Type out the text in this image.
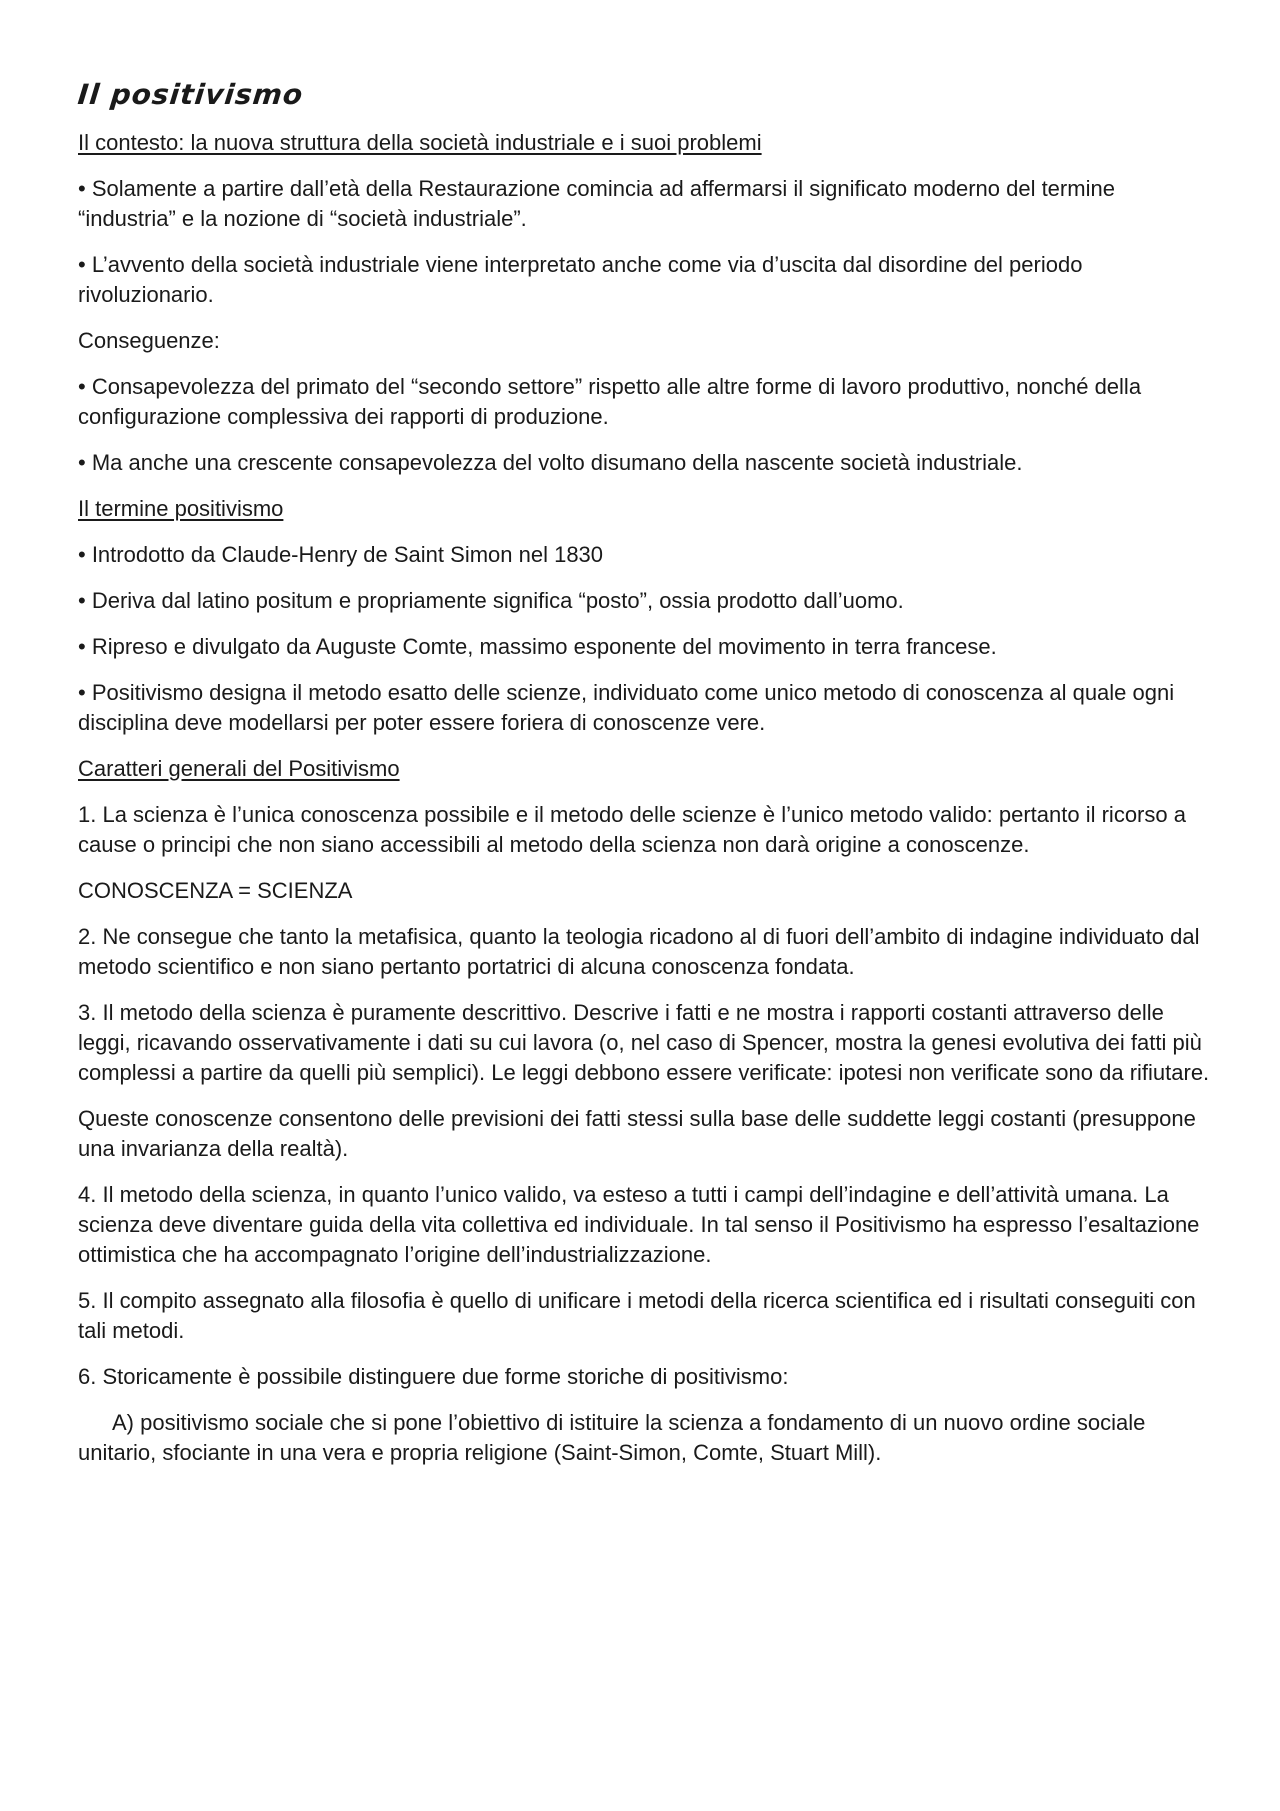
Il positivismo
Il contesto: la nuova struttura della società industriale e i suoi problemi

• Solamente a partire dall’età della Restaurazione comincia ad affermarsi il significato moderno del termine “industria” e la nozione di “società industriale”.

• L’avvento della società industriale viene interpretato anche come via d’uscita dal disordine del periodo rivoluzionario.

Conseguenze:

• Consapevolezza del primato del “secondo settore” rispetto alle altre forme di lavoro produttivo, nonché della configurazione complessiva dei rapporti di produzione.

• Ma anche una crescente consapevolezza del volto disumano della nascente società industriale.

Il termine positivismo

• Introdotto da Claude-Henry de Saint Simon nel 1830

• Deriva dal latino positum e propriamente significa “posto”, ossia prodotto dall’uomo.

• Ripreso e divulgato da Auguste Comte, massimo esponente del movimento in terra francese.

• Positivismo designa il metodo esatto delle scienze, individuato come unico metodo di conoscenza al quale ogni disciplina deve modellarsi per poter essere foriera di conoscenze vere.

Caratteri generali del Positivismo

1. La scienza è l’unica conoscenza possibile e il metodo delle scienze è l’unico metodo valido: pertanto il ricorso a cause o principi che non siano accessibili al metodo della scienza non darà origine a conoscenze.

CONOSCENZA = SCIENZA

2. Ne consegue che tanto la metafisica, quanto la teologia ricadono al di fuori dell’ambito di indagine individuato dal metodo scientifico e non siano pertanto portatrici di alcuna conoscenza fondata.

3. Il metodo della scienza è puramente descrittivo. Descrive i fatti e ne mostra i rapporti costanti attraverso delle leggi, ricavando osservativamente i dati su cui lavora (o, nel caso di Spencer, mostra la genesi evolutiva dei fatti più complessi a partire da quelli più semplici). Le leggi debbono essere verificate: ipotesi non verificate sono da rifiutare.

Queste conoscenze consentono delle previsioni dei fatti stessi sulla base delle suddette leggi costanti (presuppone una invarianza della realtà).

4. Il metodo della scienza, in quanto l’unico valido, va esteso a tutti i campi dell’indagine e dell’attività umana. La scienza deve diventare guida della vita collettiva ed individuale. In tal senso il Positivismo ha espresso l’esaltazione ottimistica che ha accompagnato l’origine dell’industrializzazione.

5. Il compito assegnato alla filosofia è quello di unificare i metodi della ricerca scientifica ed i risultati conseguiti con tali metodi.

6. Storicamente è possibile distinguere due forme storiche di positivismo:

A) positivismo sociale che si pone l’obiettivo di istituire la scienza a fondamento di un nuovo ordine sociale unitario, sfociante in una vera e propria religione (Saint-Simon, Comte, Stuart Mill).
